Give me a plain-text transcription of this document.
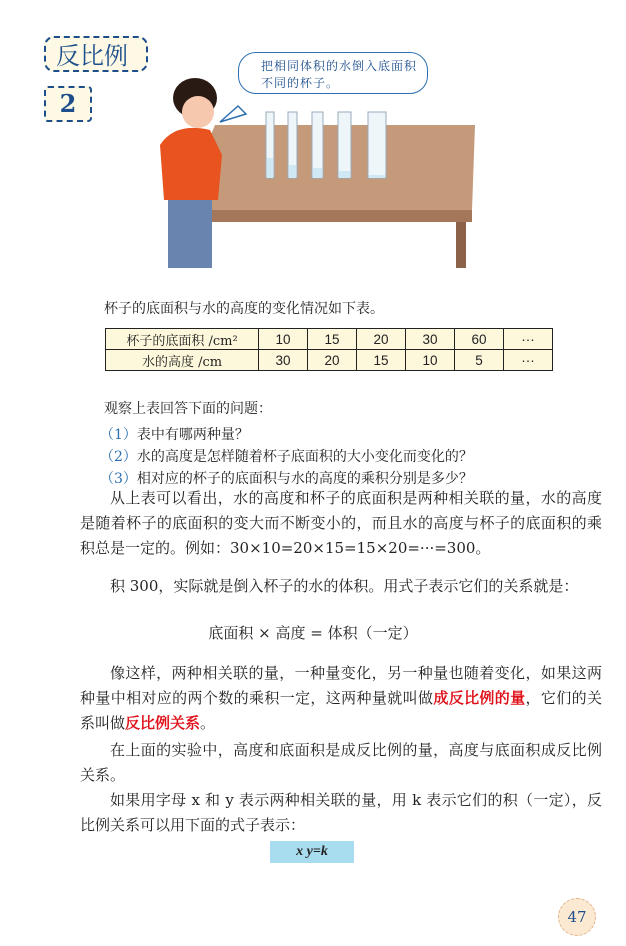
反比例
2
把相同体积的水倒入底面积不同的杯子。
杯子的底面积与水的高度的变化情况如下表。
杯子的底面积 /cm²	10	15	20	30	60	···
水的高度 /cm	30	20	15	10	5	···
观察上表回答下面的问题：
（1）表中有哪两种量？
（2）水的高度是怎样随着杯子底面积的大小变化而变化的？
（3）相对应的杯子的底面积与水的高度的乘积分别是多少？
从上表可以看出，水的高度和杯子的底面积是两种相关联的量，水的高度是随着杯子的底面积的变大而不断变小的，而且水的高度与杯子的底面积的乘积总是一定的。例如：30×10=20×15=15×20=···=300。
积 300，实际就是倒入杯子的水的体积。用式子表示它们的关系就是：
底面积 × 高度 = 体积（一定）
像这样，两种相关联的量，一种量变化，另一种量也随着变化，如果这两种量中相对应的两个数的乘积一定，这两种量就叫做成反比例的量，它们的关系叫做反比例关系。
在上面的实验中，高度和底面积是成反比例的量，高度与底面积成反比例关系。
如果用字母 x 和 y 表示两种相关联的量，用 k 表示它们的积（一定），反比例关系可以用下面的式子表示：
x y=k
47
